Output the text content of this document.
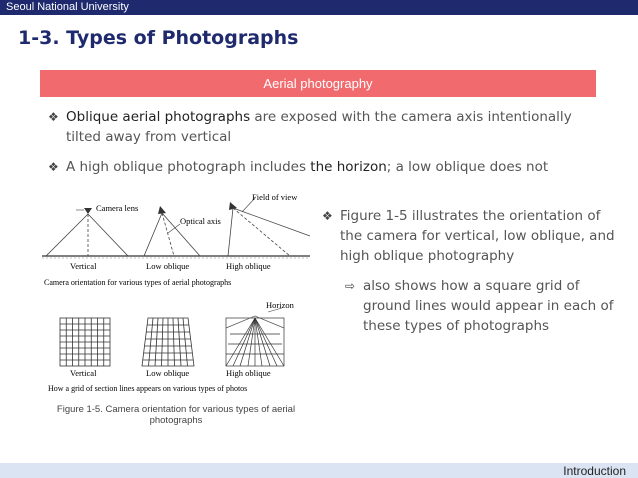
Seoul National University
1-3. Types of Photographs
Aerial photography
❖ Oblique aerial photographs are exposed with the camera axis intentionally tilted away from vertical
❖ A high oblique photograph includes the horizon; a low oblique does not
Camera lens
Optical axis
Field of view
Vertical	Low oblique	High oblique
Camera orientation for various types of aerial photographs
Horizon
Vertical	Low oblique	High oblique
How a grid of section lines appears on various types of photos
Figure 1-5. Camera orientation for various types of aerial photographs
❖ Figure 1-5 illustrates the orientation of the camera for vertical, low oblique, and high oblique photography
⇨ also shows how a square grid of ground lines would appear in each of these types of photographs
Introduction
